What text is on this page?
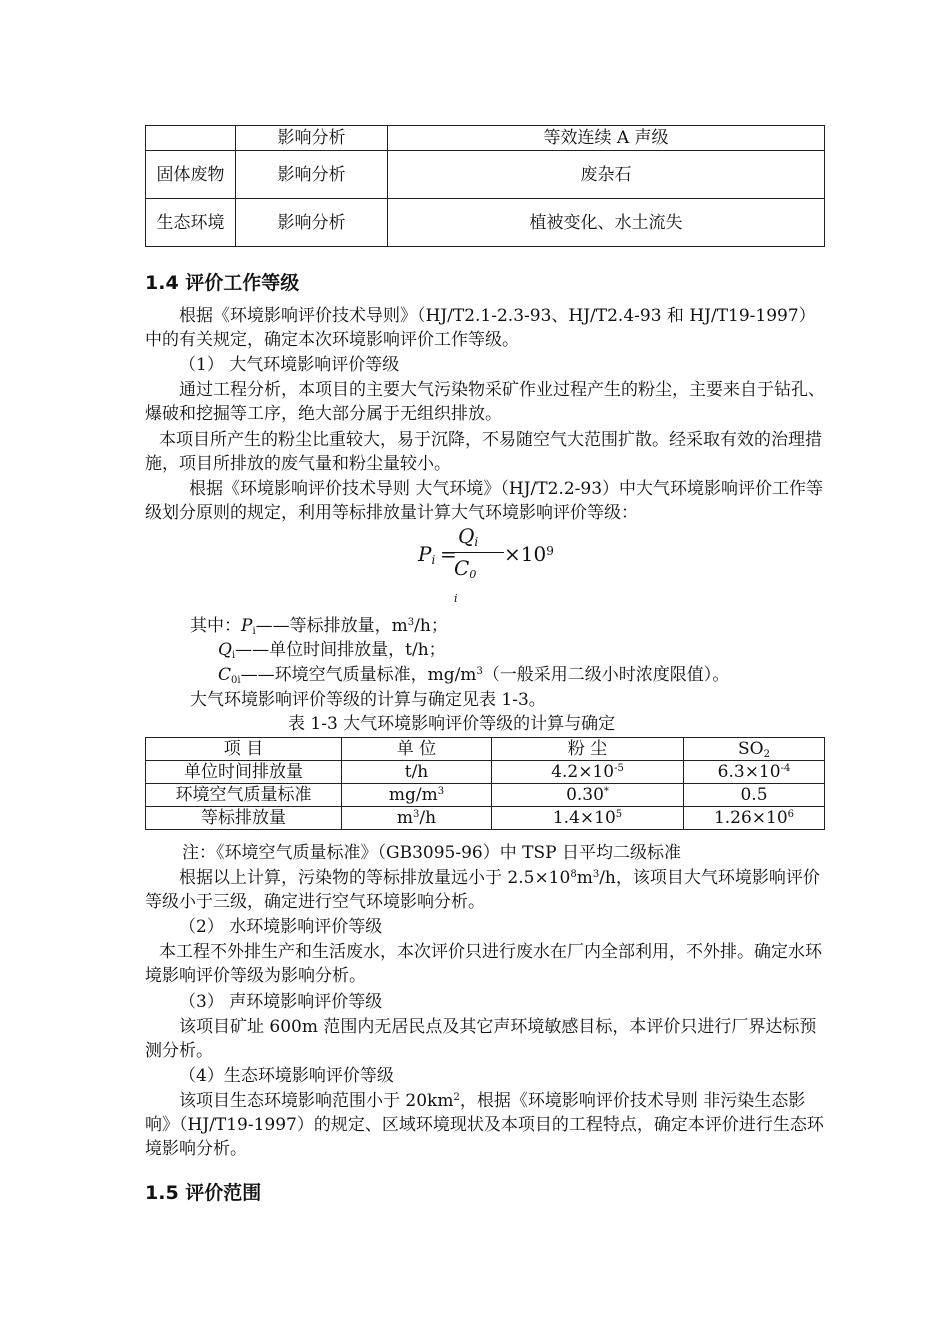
	影响分析	等效连续 A 声级
固体废物	影响分析	废杂石
生态环境	影响分析	植被变化、水土流失
1.4 评价工作等级
根据《环境影响评价技术导则》（HJ/T2.1-2.3-93、HJ/T2.4-93 和 HJ/T19-1997）中的有关规定，确定本次环境影响评价工作等级。
（1） 大气环境影响评价等级
通过工程分析，本项目的主要大气污染物采矿作业过程产生的粉尘，主要来自于钻孔、爆破和挖掘等工序，绝大部分属于无组织排放。
本项目所产生的粉尘比重较大，易于沉降，不易随空气大范围扩散。经采取有效的治理措施，项目所排放的废气量和粉尘量较小。
根据《环境影响评价技术导则 大气环境》（HJ/T2.2-93）中大气环境影响评价工作等级划分原则的规定，利用等标排放量计算大气环境影响评价等级：
$P_i$ =
$Q_i$
$C_{0 i}$
$\times 10^9$
其中：$P_i——$等标排放量，$m^3/h$；
$Q_i——$单位时间排放量，t/h；
$C_{0i}——$环境空气质量标准，$mg/m^3$（一般采用二级小时浓度限值）。
大气环境影响评价等级的计算与确定见表 1-3。
表 1-3 大气环境影响评价等级的计算与确定
项 目	单 位	粉 尘	$SO_2$
单位时间排放量	t/h	$4.2\times 10^{-5}$	$6.3\times 10^{-4}$
环境空气质量标准	$mg/m^3$	0.30*	0.5
等标排放量	$m^3/h$	$1.4\times 10^5$	$1.26\times 10^6$
注：《环境空气质量标准》（GB3095-96）中 TSP 日平均二级标准
根据以上计算，污染物的等标排放量远小于 $2.5\times 10^8m^3/h$，该项目大气环境影响评价等级小于三级，确定进行空气环境影响分析。
（2） 水环境影响评价等级
本工程不外排生产和生活废水，本次评价只进行废水在厂内全部利用，不外排。确定水环境影响评价等级为影响分析。
（3） 声环境影响评价等级
该项目矿址 600m 范围内无居民点及其它声环境敏感目标，本评价只进行厂界达标预测分析。
（4）生态环境影响评价等级
该项目生态环境影响范围小于 $20km^2$，根据《环境影响评价技术导则 非污染生态影响》（HJ/T19-1997）的规定、区域环境现状及本项目的工程特点，确定本评价进行生态环境影响分析。
1.5 评价范围
